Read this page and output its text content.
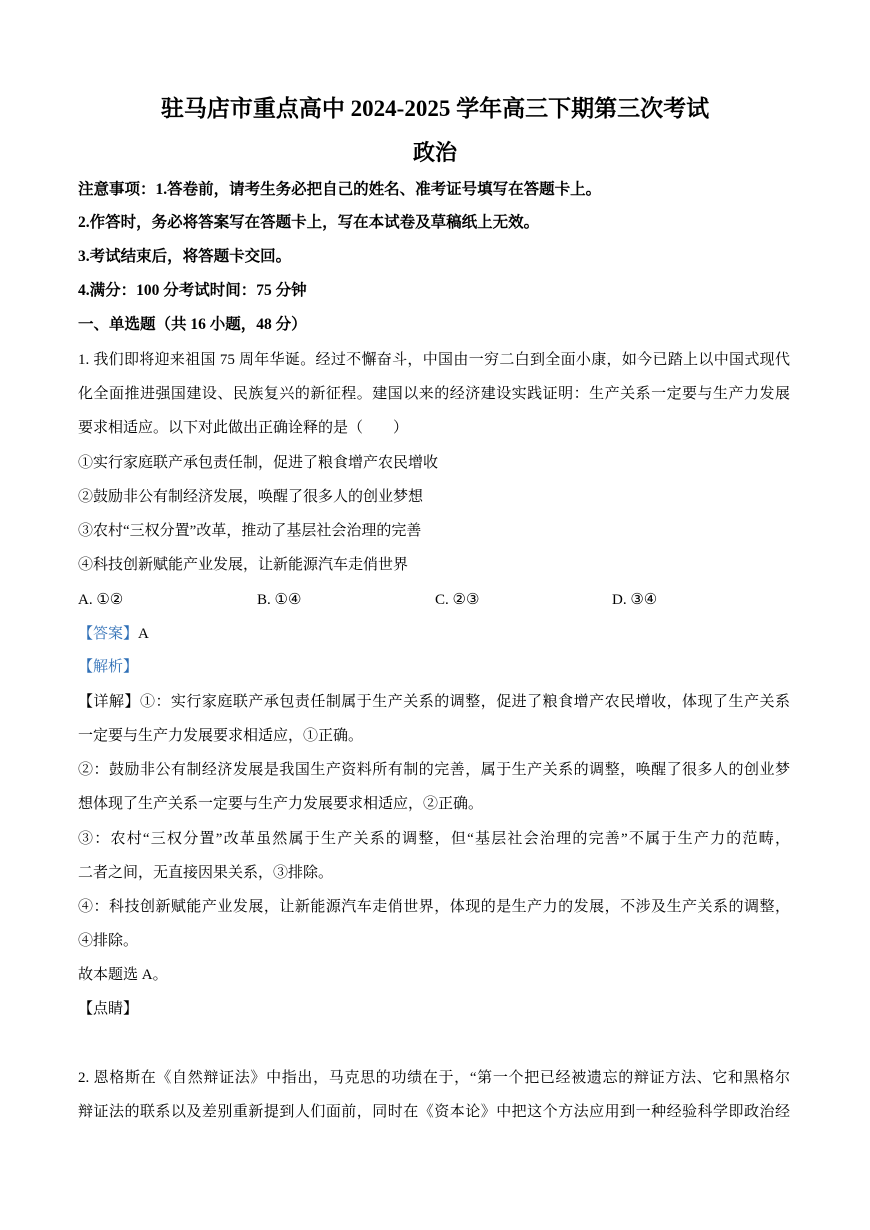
驻马店市重点高中 2024-2025 学年高三下期第三次考试
政治
注意事项：1.答卷前，请考生务必把自己的姓名、准考证号填写在答题卡上。
2.作答时，务必将答案写在答题卡上，写在本试卷及草稿纸上无效。
3.考试结束后，将答题卡交回。
4.满分：100 分考试时间：75 分钟
一、单选题（共 16 小题，48 分）
1. 我们即将迎来祖国 75 周年华诞。经过不懈奋斗，中国由一穷二白到全面小康，如今已踏上以中国式现代
化全面推进强国建设、民族复兴的新征程。建国以来的经济建设实践证明：生产关系一定要与生产力发展
要求相适应。以下对此做出正确诠释的是（　　）
①实行家庭联产承包责任制，促进了粮食增产农民增收
②鼓励非公有制经济发展，唤醒了很多人的创业梦想
③农村“三权分置”改革，推动了基层社会治理的完善
④科技创新赋能产业发展，让新能源汽车走俏世界
A. ①②	B. ①④	C. ②③	D. ③④
【答案】A
【解析】
【详解】①：实行家庭联产承包责任制属于生产关系的调整，促进了粮食增产农民增收，体现了生产关系
一定要与生产力发展要求相适应，①正确。
②：鼓励非公有制经济发展是我国生产资料所有制的完善，属于生产关系的调整，唤醒了很多人的创业梦
想体现了生产关系一定要与生产力发展要求相适应，②正确。
③：农村“三权分置”改革虽然属于生产关系的调整，但“基层社会治理的完善”不属于生产力的范畴，
二者之间，无直接因果关系，③排除。
④：科技创新赋能产业发展，让新能源汽车走俏世界，体现的是生产力的发展，不涉及生产关系的调整，
④排除。
故本题选 A。
【点睛】
2. 恩格斯在《自然辩证法》中指出，马克思的功绩在于，“第一个把已经被遗忘的辩证方法、它和黑格尔
辩证法的联系以及差别重新提到人们面前，同时在《资本论》中把这个方法应用到一种经验科学即政治经
